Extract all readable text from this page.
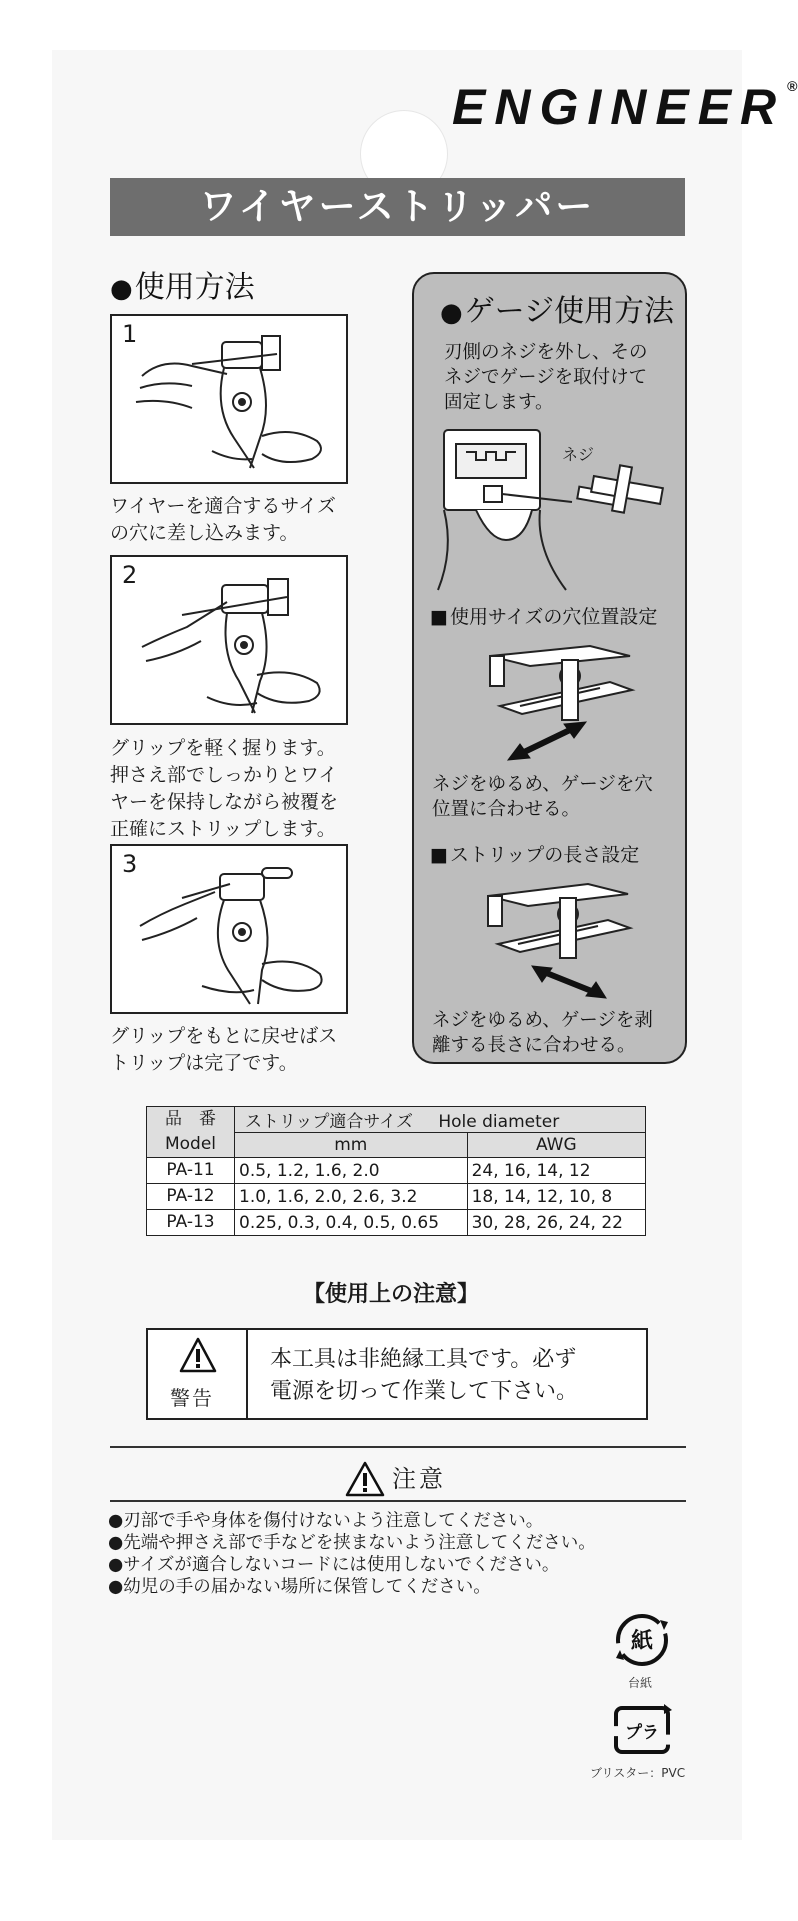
ENGINEER ®
ワイヤーストリッパー
●使用方法
1
ワイヤーを適合するサイズ
の穴に差し込みます。
2
グリップを軽く握ります。
押さえ部でしっかりとワイ
ヤーを保持しながら被覆を
正確にストリップします。
3
グリップをもとに戻せばス
トリップは完了です。
●ゲージ使用方法
刃側のネジを外し、その
ネジでゲージを取付けて
固定します。
ネジ
■ 使用サイズの穴位置設定
ネジをゆるめ、ゲージを穴
位置に合わせる。
■ ストリップの長さ設定
ネジをゆるめ、ゲージを剥
離する長さに合わせる。
品　番
Model	ストリップ適合サイズ Hole diameter	
	mm	AWG
PA-11	0.5, 1.2, 1.6, 2.0	24, 16, 14, 12
PA-12	1.0, 1.6, 2.0, 2.6, 3.2	18, 14, 12, 10, 8
PA-13	0.25, 0.3, 0.4, 0.5, 0.65	30, 28, 26, 24, 22
【使用上の注意】
警告
本工具は非絶縁工具です。必ず
電源を切って作業して下さい。
注意
●刃部で手や身体を傷付けないよう注意してください。
●先端や押さえ部で手などを挟まないよう注意してください。
●サイズが適合しないコードには使用しないでください。
●幼児の手の届かない場所に保管してください。
紙
台紙
プラ
ブリスター：PVC
